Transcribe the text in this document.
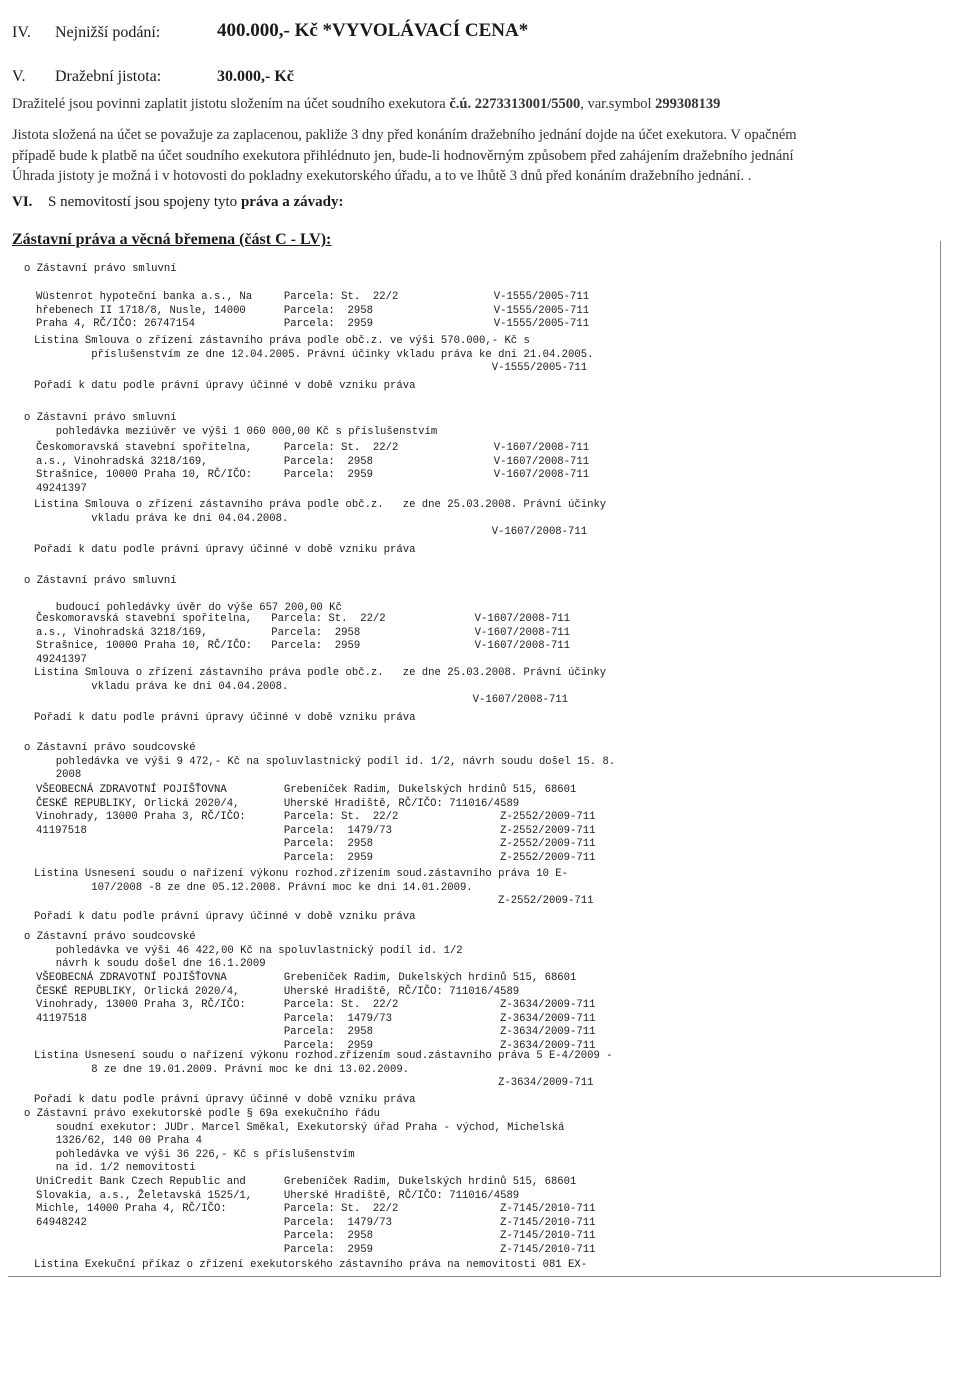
IV. Nejnižší podání:	400.000,- Kč *VYVOLÁVACÍ CENA*
V. Dražební jistota:	30.000,- Kč
Dražitelé jsou povinni zaplatit jistotu složením na účet soudního exekutora č.ú. 2273313001/5500, var.symbol 299308139
Jistota složená na účet se považuje za zaplacenou, pakliže 3 dny před konáním dražebního jednání dojde na účet exekutora. V opačném
případě bude k platbě na účet soudního exekutora přihlédnuto jen, bude-li hodnověrným způsobem před zahájením dražebního jednání
Úhrada jistoty je možná i v hotovosti do pokladny exekutorského úřadu, a to ve lhůtě 3 dnů před konáním dražebního jednání. .
VI. S nemovitostí jsou spojeny tyto práva a závady:
Zástavní práva a věcná břemena (část C - LV):
o Zástavní právo smluvní
Wüstenrot hypoteční banka a.s., Na     Parcela: St.  22/2               V-1555/2005-711
hřebenech II 1718/8, Nusle, 14000      Parcela:  2958                   V-1555/2005-711
Praha 4, RČ/IČO: 26747154              Parcela:  2959                   V-1555/2005-711
Listina Smlouva o zřízení zástavního práva podle obč.z. ve výši 570.000,- Kč s
příslušenstvím ze dne 12.04.2005. Právní účinky vkladu práva ke dni 21.04.2005.
V-1555/2005-711
Pořadí k datu podle právní úpravy účinné v době vzniku práva
o Zástavní právo smluvní
pohledávka meziúvěr ve výši 1 060 000,00 Kč s příslušenstvím
Českomoravská stavební spořitelna,     Parcela: St.  22/2               V-1607/2008-711
a.s., Vinohradská 3218/169,            Parcela:  2958                   V-1607/2008-711
Strašnice, 10000 Praha 10, RČ/IČO:     Parcela:  2959                   V-1607/2008-711
49241397
Listina Smlouva o zřízení zástavního práva podle obč.z.   ze dne 25.03.2008. Právní účinky
vkladu práva ke dni 04.04.2008.
V-1607/2008-711
Pořadí k datu podle právní úpravy účinné v době vzniku práva
o Zástavní právo smluvní

budoucí pohledávky úvěr do výše 657 200,00 Kč
Českomoravská stavební spořitelna,   Parcela: St.  22/2              V-1607/2008-711
a.s., Vinohradská 3218/169,          Parcela:  2958                  V-1607/2008-711
Strašnice, 10000 Praha 10, RČ/IČO:   Parcela:  2959                  V-1607/2008-711
49241397
Listina Smlouva o zřízení zástavního práva podle obč.z.   ze dne 25.03.2008. Právní účinky
vkladu práva ke dni 04.04.2008.
V-1607/2008-711
Pořadí k datu podle právní úpravy účinné v době vzniku práva
o Zástavní právo soudcovské
pohledávka ve výši 9 472,- Kč na spoluvlastnický podíl id. 1/2, návrh soudu došel 15. 8.
2008
VŠEOBECNÁ ZDRAVOTNÍ POJIŠŤOVNA         Grebeníček Radim, Dukelských hrdinů 515, 68601
ČESKÉ REPUBLIKY, Orlická 2020/4,       Uherské Hradiště, RČ/IČO: 711016/4589
Vinohrady, 13000 Praha 3, RČ/IČO:      Parcela: St.  22/2                Z-2552/2009-711
41197518                               Parcela:  1479/73                 Z-2552/2009-711
Parcela:  2958                    Z-2552/2009-711
Parcela:  2959                    Z-2552/2009-711
Listina Usnesení soudu o nařízení výkonu rozhod.zřízením soud.zástavního práva 10 E-
107/2008 -8 ze dne 05.12.2008. Právní moc ke dni 14.01.2009.
Z-2552/2009-711
Pořadí k datu podle právní úpravy účinné v době vzniku práva
o Zástavní právo soudcovské
pohledávka ve výši 46 422,00 Kč na spoluvlastnický podíl id. 1/2
návrh k soudu došel dne 16.1.2009
VŠEOBECNÁ ZDRAVOTNÍ POJIŠŤOVNA         Grebeníček Radim, Dukelských hrdinů 515, 68601
ČESKÉ REPUBLIKY, Orlická 2020/4,       Uherské Hradiště, RČ/IČO: 711016/4589
Vinohrady, 13000 Praha 3, RČ/IČO:      Parcela: St.  22/2                Z-3634/2009-711
41197518                               Parcela:  1479/73                 Z-3634/2009-711
Parcela:  2958                    Z-3634/2009-711
Parcela:  2959                    Z-3634/2009-711
Listina Usnesení soudu o nařízení výkonu rozhod.zřízením soud.zástavního práva 5 E-4/2009 -
8 ze dne 19.01.2009. Právní moc ke dni 13.02.2009.
Z-3634/2009-711
Pořadí k datu podle právní úpravy účinné v době vzniku práva
o Zástavní právo exekutorské podle § 69a exekučního řádu
soudní exekutor: JUDr. Marcel Směkal, Exekutorský úřad Praha - východ, Michelská
1326/62, 140 00 Praha 4
pohledávka ve výši 36 226,- Kč s příslušenstvím
na id. 1/2 nemovitosti
UniCredit Bank Czech Republic and      Grebeníček Radim, Dukelských hrdinů 515, 68601
Slovakia, a.s., Želetavská 1525/1,     Uherské Hradiště, RČ/IČO: 711016/4589
Michle, 14000 Praha 4, RČ/IČO:         Parcela: St.  22/2                Z-7145/2010-711
64948242                               Parcela:  1479/73                 Z-7145/2010-711
Parcela:  2958                    Z-7145/2010-711
Parcela:  2959                    Z-7145/2010-711
Listina Exekuční příkaz o zřízení exekutorského zástavního práva na nemovitosti 081 EX-
